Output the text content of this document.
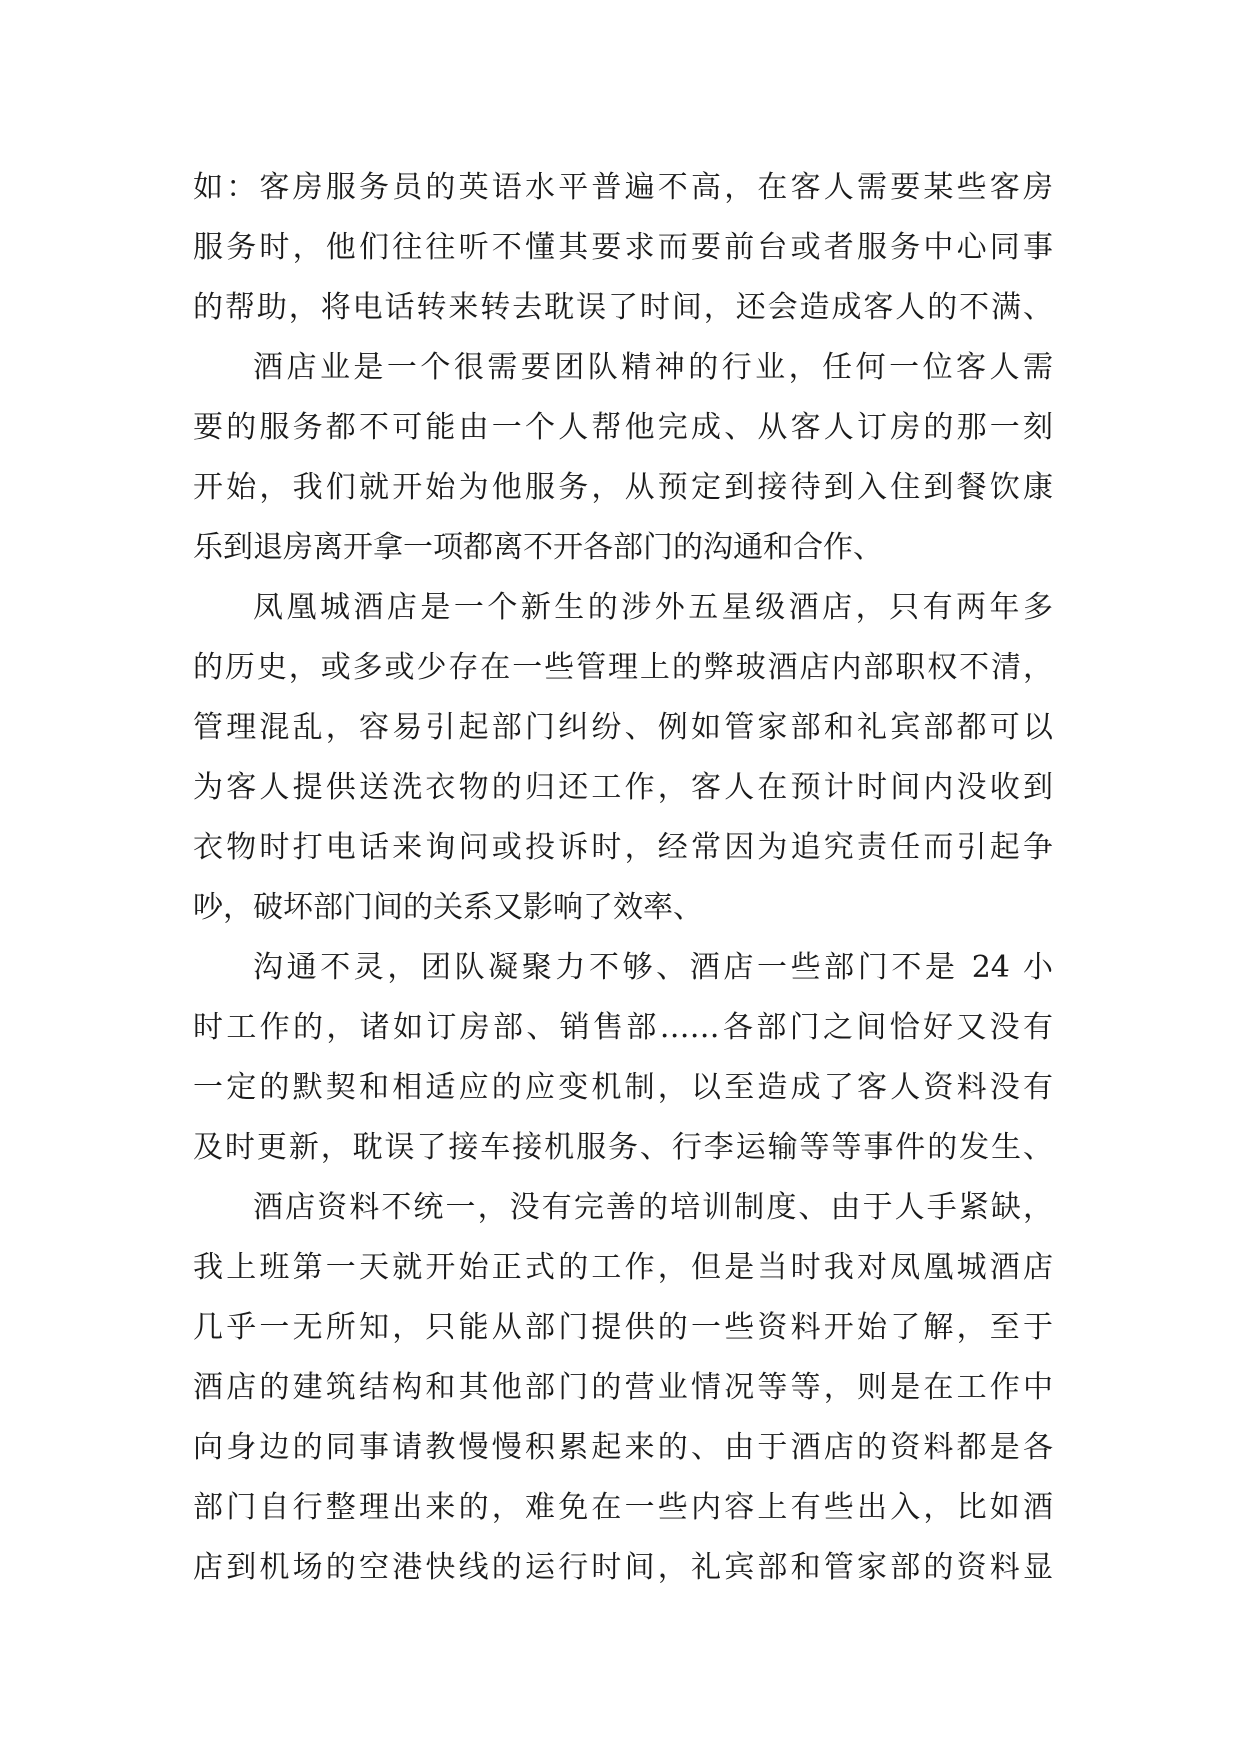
如：客房服务员的英语水平普遍不高，在客人需要某些客房
服务时，他们往往听不懂其要求而要前台或者服务中心同事
的帮助，将电话转来转去耽误了时间，还会造成客人的不满、
酒店业是一个很需要团队精神的行业，任何一位客人需
要的服务都不可能由一个人帮他完成、从客人订房的那一刻
开始，我们就开始为他服务，从预定到接待到入住到餐饮康
乐到退房离开拿一项都离不开各部门的沟通和合作、
凤凰城酒店是一个新生的涉外五星级酒店，只有两年多
的历史，或多或少存在一些管理上的弊玻酒店内部职权不清，
管理混乱，容易引起部门纠纷、例如管家部和礼宾部都可以
为客人提供送洗衣物的归还工作，客人在预计时间内没收到
衣物时打电话来询问或投诉时，经常因为追究责任而引起争
吵，破坏部门间的关系又影响了效率、
沟通不灵，团队凝聚力不够、酒店一些部门不是 24 小
时工作的，诸如订房部、销售部……各部门之间恰好又没有
一定的默契和相适应的应变机制，以至造成了客人资料没有
及时更新，耽误了接车接机服务、行李运输等等事件的发生、
酒店资料不统一，没有完善的培训制度、由于人手紧缺，
我上班第一天就开始正式的工作，但是当时我对凤凰城酒店
几乎一无所知，只能从部门提供的一些资料开始了解，至于
酒店的建筑结构和其他部门的营业情况等等，则是在工作中
向身边的同事请教慢慢积累起来的、由于酒店的资料都是各
部门自行整理出来的，难免在一些内容上有些出入，比如酒
店到机场的空港快线的运行时间，礼宾部和管家部的资料显
